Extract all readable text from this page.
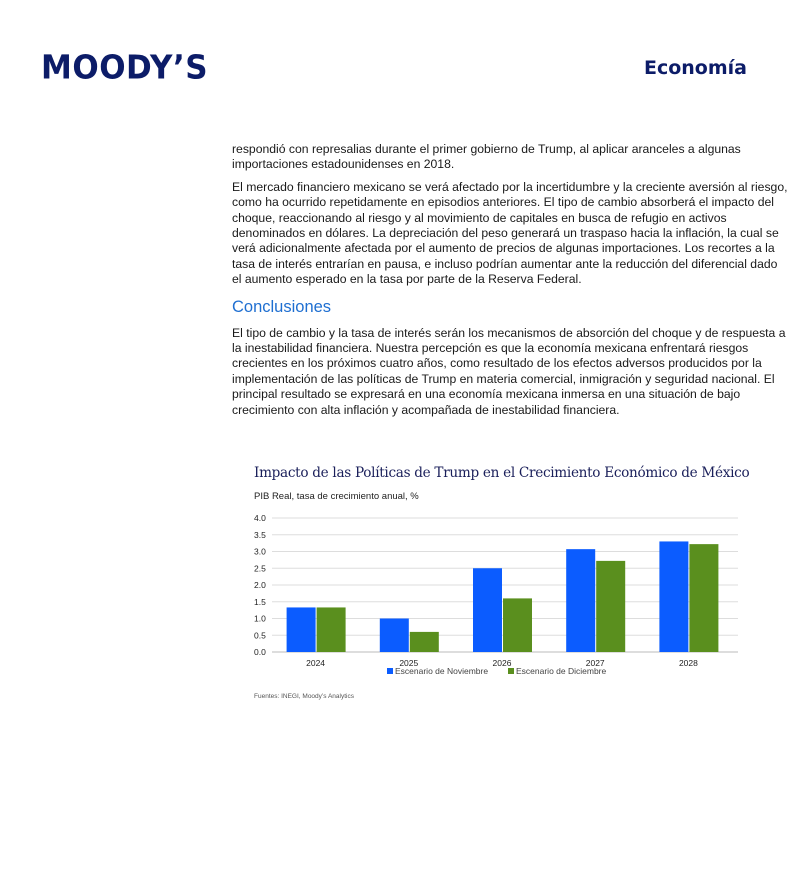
MOODY’S	Economía
respondió con represalias durante el primer gobierno de Trump, al aplicar aranceles a algunas
importaciones estadounidenses en 2018.
El mercado financiero mexicano se verá afectado por la incertidumbre y la creciente aversión al riesgo,
como ha ocurrido repetidamente en episodios anteriores. El tipo de cambio absorberá el impacto del
choque, reaccionando al riesgo y al movimiento de capitales en busca de refugio en activos
denominados en dólares. La depreciación del peso generará un traspaso hacia la inflación, la cual se
verá adicionalmente afectada por el aumento de precios de algunas importaciones. Los recortes a la
tasa de interés entrarían en pausa, e incluso podrían aumentar ante la reducción del diferencial dado
el aumento esperado en la tasa por parte de la Reserva Federal.
Conclusiones
El tipo de cambio y la tasa de interés serán los mecanismos de absorción del choque y de respuesta a
la inestabilidad financiera. Nuestra percepción es que la economía mexicana enfrentará riesgos
crecientes en los próximos cuatro años, como resultado de los efectos adversos producidos por la
implementación de las políticas de Trump en materia comercial, inmigración y seguridad nacional. El
principal resultado se expresará en una economía mexicana inmersa en una situación de bajo
crecimiento con alta inflación y acompañada de inestabilidad financiera.
Impacto de las Políticas de Trump en el Crecimiento Económico de México
PIB Real, tasa de crecimiento anual, %
Fuentes: INEGI, Moody’s Analytics
0.0
0.5
1.0
1.5
2.0
2.5
3.0
3.5
4.0
2024	2025	2026	2027	2028
Escenario de Noviembre	Escenario de Diciembre
